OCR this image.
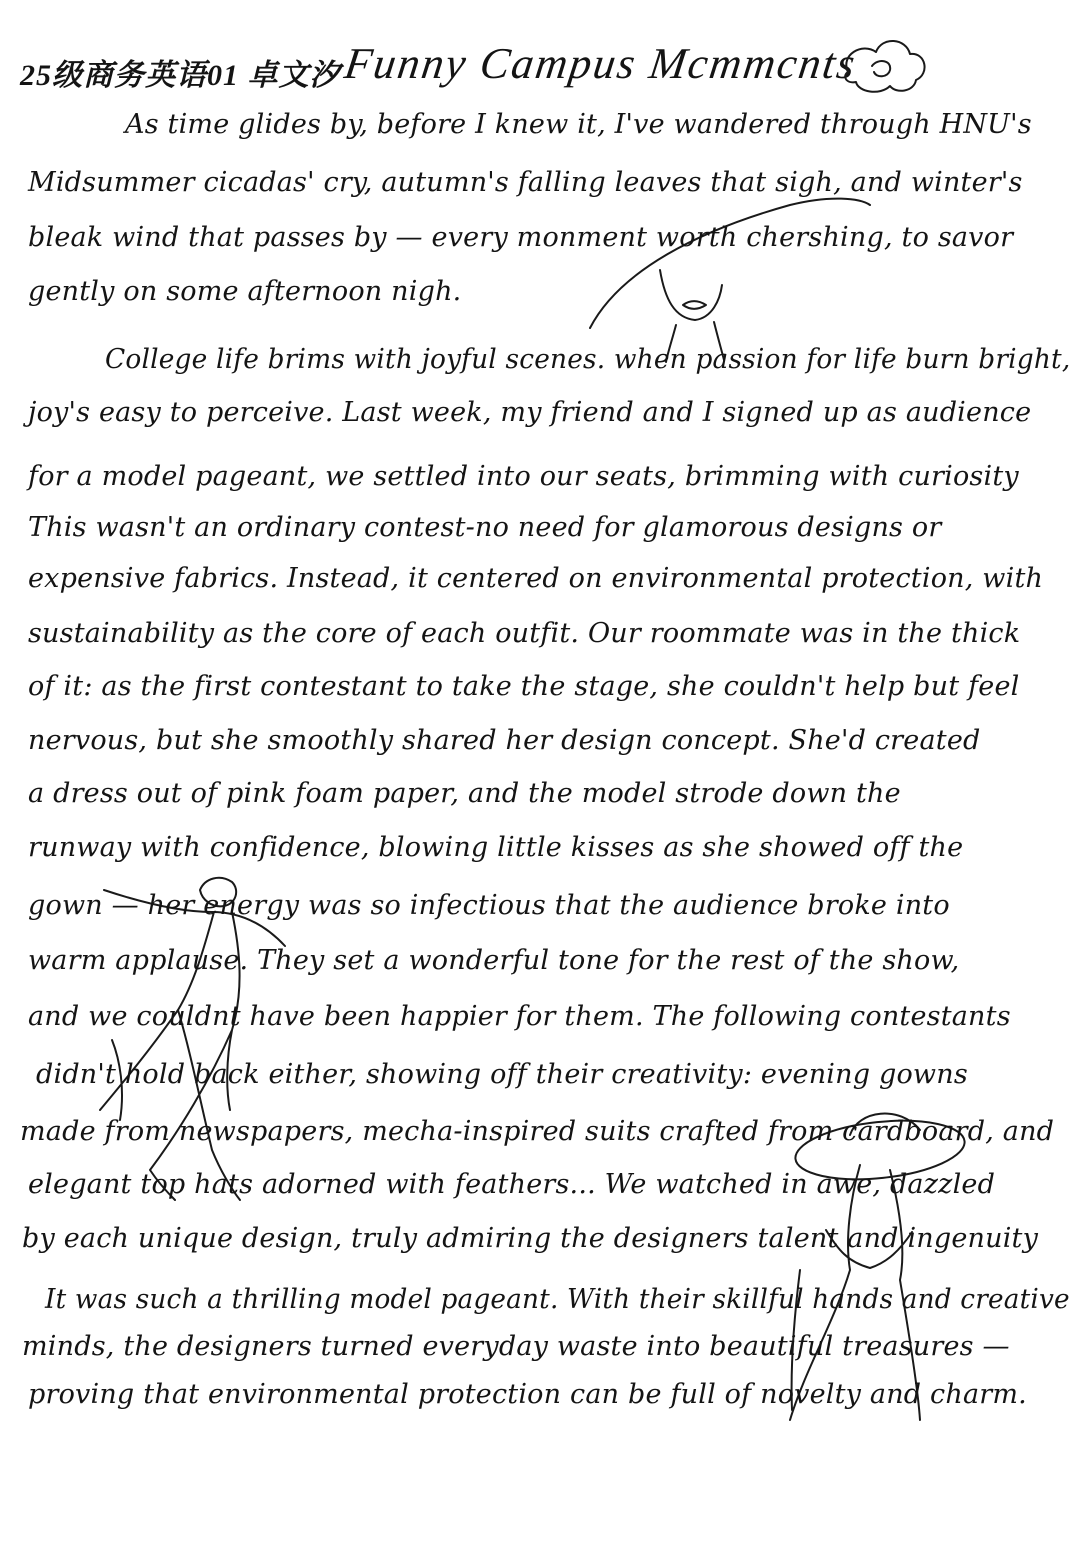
25级商务英语01 卓文汐 Funny Campus Mcmmcnts
As time glides by, before I knew it, I've wandered through HNU's
Midsummer cicadas' cry, autumn's falling leaves that sigh, and winter's
bleak wind that passes by — every monment worth chershing, to savor
gently on some afternoon nigh.
College life brims with joyful scenes. when passion for life burn bright,
joy's easy to perceive. Last week, my friend and I signed up as audience
for a model pageant, we settled into our seats, brimming with curiosity
This wasn't an ordinary contest-no need for glamorous designs or
expensive fabrics. Instead, it centered on environmental protection, with
sustainability as the core of each outfit. Our roommate was in the thick
of it: as the first contestant to take the stage, she couldn't help but feel
nervous, but she smoothly shared her design concept. She'd created
a dress out of pink foam paper, and the model strode down the
runway with confidence, blowing little kisses as she showed off the
gown — her energy was so infectious that the audience broke into
warm applause. They set a wonderful tone for the rest of the show,
and we couldnt have been happier for them. The following contestants
didn't hold back either, showing off their creativity: evening gowns
made from newspapers, mecha-inspired suits crafted from cardboard, and
elegant top hats adorned with feathers... We watched in awe, dazzled
by each unique design, truly admiring the designers talent and ingenuity
It was such a thrilling model pageant. With their skillful hands and creative
minds, the designers turned everyday waste into beautiful treasures —
proving that environmental protection can be full of novelty and charm.
